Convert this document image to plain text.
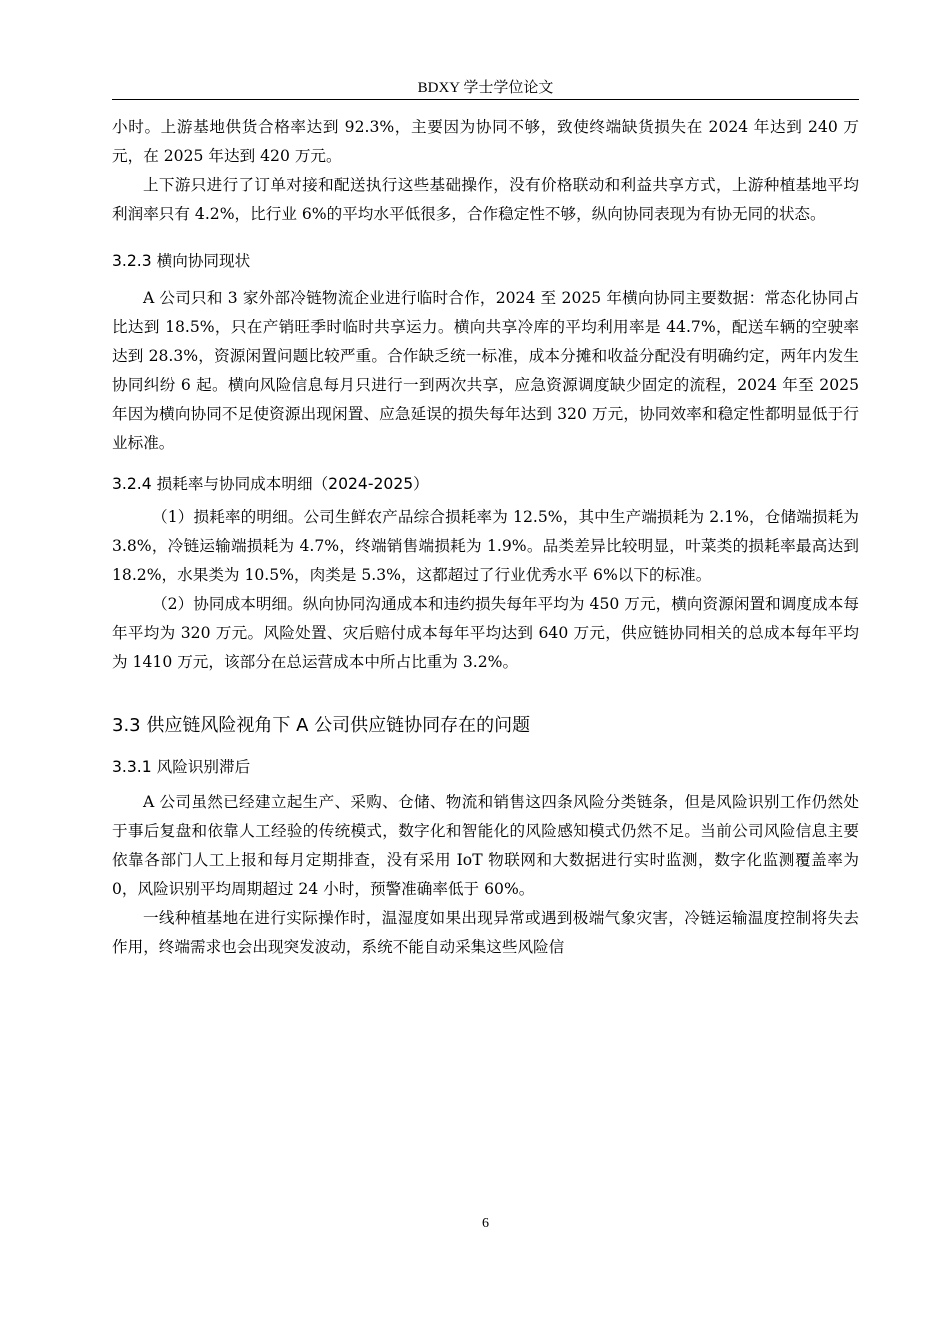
BDXY 学士学位论文

小时。上游基地供货合格率达到 92.3%，主要因为协同不够，致使终端缺货损失在 2024 年达到 240 万元，在 2025 年达到 420 万元。

上下游只进行了订单对接和配送执行这些基础操作，没有价格联动和利益共享方式，上游种植基地平均利润率只有 4.2%，比行业 6%的平均水平低很多，合作稳定性不够，纵向协同表现为有协无同的状态。

3.2.3 横向协同现状

A 公司只和 3 家外部冷链物流企业进行临时合作，2024 至 2025 年横向协同主要数据：常态化协同占比达到 18.5%，只在产销旺季时临时共享运力。横向共享冷库的平均利用率是 44.7%，配送车辆的空驶率达到 28.3%，资源闲置问题比较严重。合作缺乏统一标准，成本分摊和收益分配没有明确约定，两年内发生协同纠纷 6 起。横向风险信息每月只进行一到两次共享，应急资源调度缺少固定的流程，2024 年至 2025 年因为横向协同不足使资源出现闲置、应急延误的损失每年达到 320 万元，协同效率和稳定性都明显低于行业标准。

3.2.4 损耗率与协同成本明细（2024-2025）

（1）损耗率的明细。公司生鲜农产品综合损耗率为 12.5%，其中生产端损耗为 2.1%，仓储端损耗为 3.8%，冷链运输端损耗为 4.7%，终端销售端损耗为 1.9%。品类差异比较明显，叶菜类的损耗率最高达到 18.2%，水果类为 10.5%，肉类是 5.3%，这都超过了行业优秀水平 6%以下的标准。

（2）协同成本明细。纵向协同沟通成本和违约损失每年平均为 450 万元，横向资源闲置和调度成本每年平均为 320 万元。风险处置、灾后赔付成本每年平均达到 640 万元，供应链协同相关的总成本每年平均为 1410 万元，该部分在总运营成本中所占比重为 3.2%。

3.3 供应链风险视角下 A 公司供应链协同存在的问题
3.3.1 风险识别滞后

A 公司虽然已经建立起生产、采购、仓储、物流和销售这四条风险分类链条，但是风险识别工作仍然处于事后复盘和依靠人工经验的传统模式，数字化和智能化的风险感知模式仍然不足。当前公司风险信息主要依靠各部门人工上报和每月定期排查，没有采用 IoT 物联网和大数据进行实时监测，数字化监测覆盖率为 0，风险识别平均周期超过 24 小时，预警准确率低于 60%。

一线种植基地在进行实际操作时，温湿度如果出现异常或遇到极端气象灾害，冷链运输温度控制将失去作用，终端需求也会出现突发波动，系统不能自动采集这些风险信

6
